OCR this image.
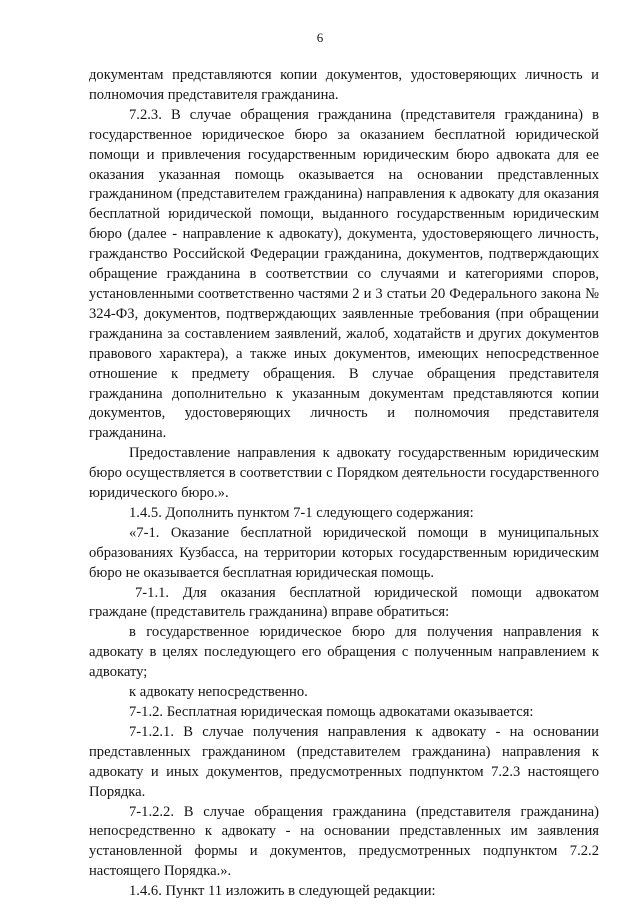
6

документам представляются копии документов, удостоверяющих личность и полномочия представителя гражданина.

7.2.3. В случае обращения гражданина (представителя гражданина) в государственное юридическое бюро за оказанием бесплатной юридической помощи и привлечения государственным юридическим бюро адвоката для ее оказания указанная помощь оказывается на основании представленных гражданином (представителем гражданина) направления к адвокату для оказания бесплатной юридической помощи, выданного государственным юридическим бюро (далее - направление к адвокату), документа, удостоверяющего личность, гражданство Российской Федерации гражданина, документов, подтверждающих обращение гражданина в соответствии со случаями и категориями споров, установленными соответственно частями 2 и 3 статьи 20 Федерального закона № 324-ФЗ, документов, подтверждающих заявленные требования (при обращении гражданина за составлением заявлений, жалоб, ходатайств и других документов правового характера), а также иных документов, имеющих непосредственное отношение к предмету обращения. В случае обращения представителя гражданина дополнительно к указанным документам представляются копии документов, удостоверяющих личность и полномочия представителя гражданина.

Предоставление направления к адвокату государственным юридическим бюро осуществляется в соответствии с Порядком деятельности государственного юридического бюро.».

1.4.5. Дополнить пунктом 7-1 следующего содержания:

«7-1. Оказание бесплатной юридической помощи в муниципальных образованиях Кузбасса, на территории которых государственным юридическим бюро не оказывается бесплатная юридическая помощь.

7-1.1. Для оказания бесплатной юридической помощи адвокатом граждане (представитель гражданина) вправе обратиться:

в государственное юридическое бюро для получения направления к адвокату в целях последующего его обращения с полученным направлением к адвокату;

к адвокату непосредственно.

7-1.2. Бесплатная юридическая помощь адвокатами оказывается:

7-1.2.1. В случае получения направления к адвокату - на основании представленных гражданином (представителем гражданина) направления к адвокату и иных документов, предусмотренных подпунктом 7.2.3 настоящего Порядка.

7-1.2.2. В случае обращения гражданина (представителя гражданина) непосредственно к адвокату - на основании представленных им заявления установленной формы и документов, предусмотренных подпунктом 7.2.2 настоящего Порядка.».

1.4.6. Пункт 11 изложить в следующей редакции:
